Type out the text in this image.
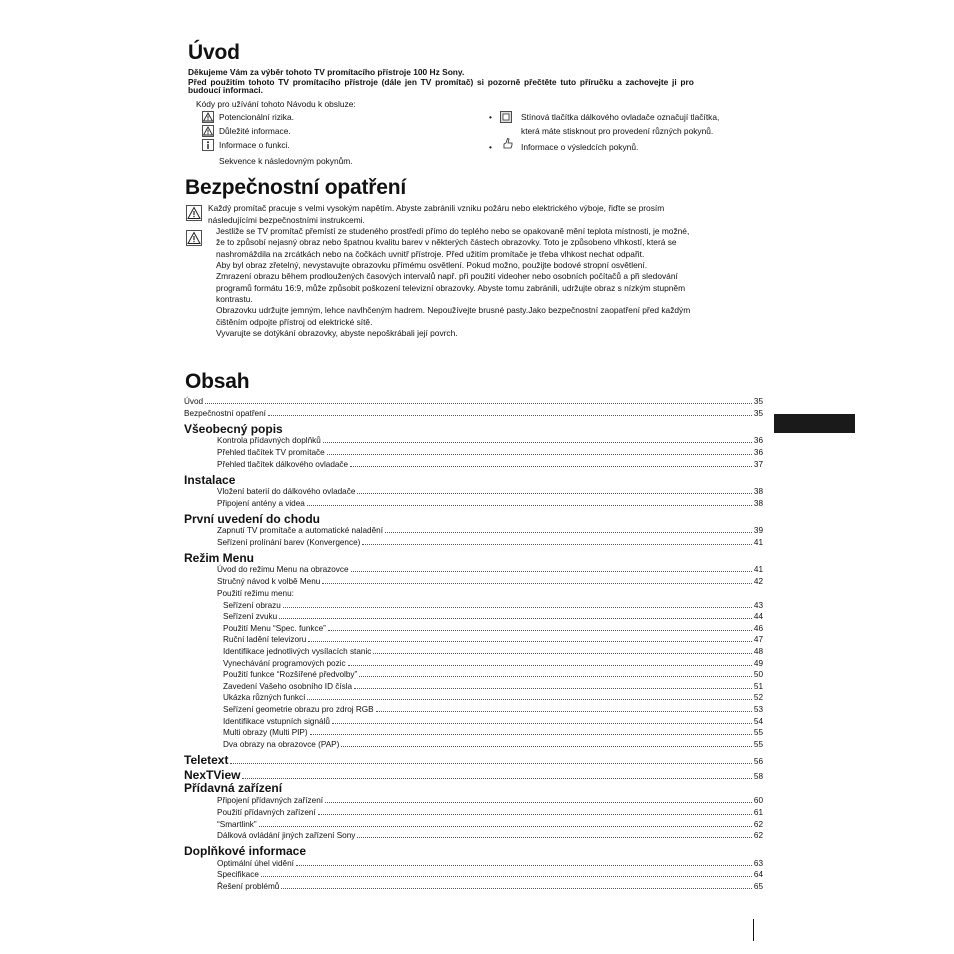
Úvod
Děkujeme Vám za výběr tohoto TV promítacího přístroje 100 Hz Sony.
Před použitím tohoto TV promítacího přístroje (dále jen TV promítač) si pozorně přečtěte tuto příručku a zachovejte ji pro
budoucí informaci.
Kódy pro užívání tohoto Návodu k obsluze:
Potencionální rizika.
Důležité informace.
Informace o funkci.
Sekvence k následovným pokynům.
•	Stínová tlačítka dálkového ovladače označují tlačítka,
která máte stisknout pro provedení různých pokynů.
•	Informace o výsledcích pokynů.
Bezpečnostní opatření
Každý promítač pracuje s velmi vysokým napětím. Abyste zabránili vzniku požáru nebo elektrického výboje, řiďte se prosím
následujícími bezpečnostními instrukcemi.
Jestliže se TV promítač přemístí ze studeného prostředí přímo do teplého nebo se opakovaně mění teplota místnosti, je možné,
že to způsobí nejasný obraz nebo špatnou kvalitu barev v některých částech obrazovky. Toto je způsobeno vlhkostí, která se
nashromáždila na zrcátkách nebo na čočkách uvnitř přístroje. Před užitím promítače je třeba vlhkost nechat odpařit.
Aby byl obraz zřetelný, nevystavujte obrazovku přímému osvětlení. Pokud možno, použijte bodové stropní osvětlení.
Zmrazení obrazu během prodloužených časových intervalů např. při použití videoher nebo osobních počítačů a při sledování
programů formátu 16:9, může způsobit poškození televizní obrazovky. Abyste tomu zabránili, udržujte obraz s nízkým stupněm
kontrastu.
Obrazovku udržujte jemným, lehce navlhčeným hadrem. Nepoužívejte brusné pasty.Jako bezpečnostní zaopatření před každým
čištěním odpojte přístroj od elektrické sítě.
Vyvarujte se dotýkání obrazovky, abyste nepoškrábali její povrch.
Obsah
Úvod	35
Bezpečnostní opatření	35
Všeobecný popis
Kontrola přídavných doplňků	36
Přehled tlačítek TV promítače	36
Přehled tlačítek dálkového ovladače	37
Instalace
Vložení baterií do dálkového ovladače	38
Připojení antény a videa	38
První uvedení do chodu
Zapnutí TV promítače a automatické naladění	39
Seřízení prolínání barev (Konvergence)	41
Režim Menu
Úvod do režimu Menu na obrazovce	41
Stručný návod k volbě Menu	42
Použití režimu menu:
Seřízení obrazu	43
Seřízení zvuku	44
Použití Menu “Spec. funkce”	46
Ruční ladění televizoru	47
Identifikace jednotlivých vysílacích stanic	48
Vynechávání programových pozic	49
Použití funkce “Rozšířené předvolby”	50
Zavedení Vašeho osobního ID čísla	51
Ukázka různých funkcí	52
Seřízení geometrie obrazu pro zdroj RGB	53
Identifikace vstupních signálů	54
Multi obrazy (Multi PIP)	55
Dva obrazy na obrazovce (PAP)	55
Teletext	56
NexTView	58
Přídavná zařízení
Připojení přídavných zařízení	60
Použití přídavných zařízení	61
“Smartlink”	62
Dálková ovládání jiných zařízení Sony	62
Doplňkové informace
Optimální úhel vidění	63
Specifikace	64
Řešení problémů	65
